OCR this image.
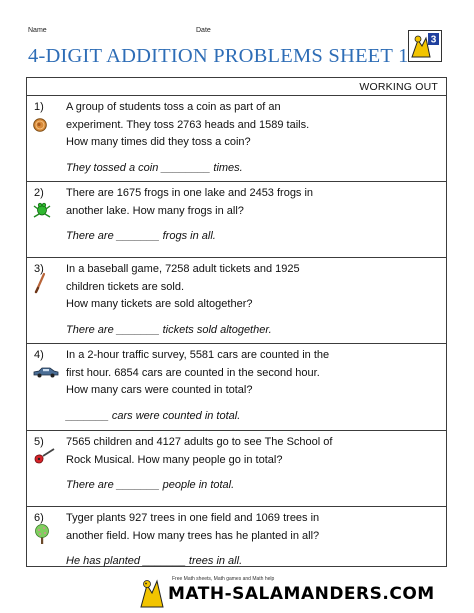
Name	Date
4-DIGIT ADDITION PROBLEMS SHEET 1
3
WORKING OUT
1) A group of students toss a coin as part of an

experiment. They toss 2763 heads and 1589 tails.

How many times did they toss a coin?

They tossed a coin ________ times.

2) There are 1675 frogs in one lake and 2453 frogs in

another lake. How many frogs in all?

There are _______ frogs in all.

3) In a baseball game, 7258 adult tickets and 1925

children tickets are sold.

How many tickets are sold altogether?

There are _______ tickets sold altogether.

4) In a 2-hour traffic survey, 5581 cars are counted in the

first hour. 6854 cars are counted in the second hour.

How many cars were counted in total?

_______ cars were counted in total.

5) 7565 children and 4127 adults go to see The School of

Rock Musical. How many people go in total?

There are _______ people in total.

6) Tyger plants 927 trees in one field and 1069 trees in

another field. How many trees has he planted in all?

He has planted _______ trees in all.

Free Math sheets, Math games and Math help
MATH-SALAMANDERS.COM
